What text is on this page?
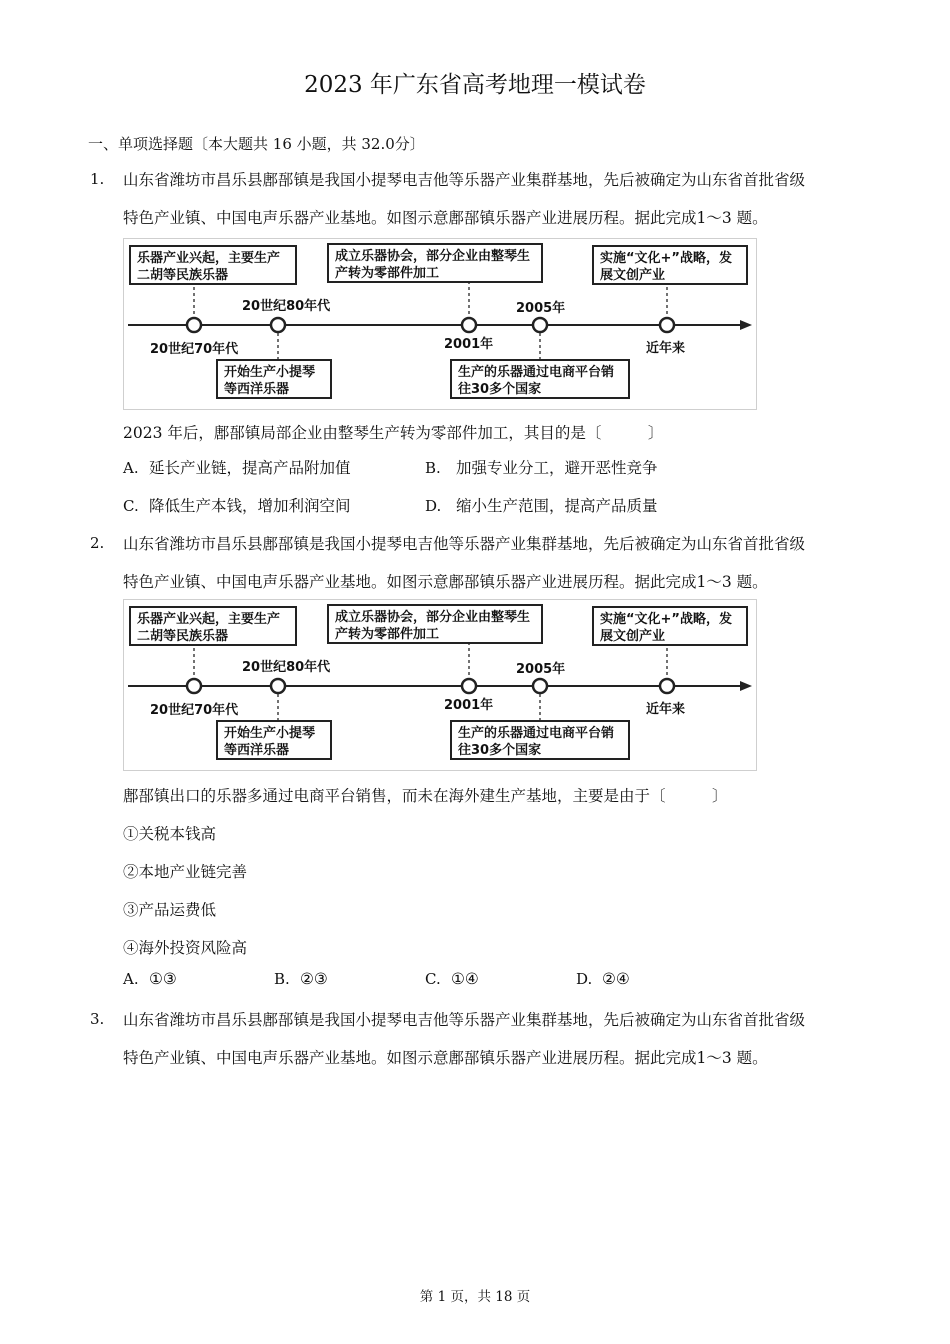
2023 年广东省高考地理一模试卷
一、单项选择题〔本大题共 16 小题，共 32.0分〕
1. 山东省潍坊市昌乐县鄌郚镇是我国小提琴电吉他等乐器产业集群基地，先后被确定为山东省首批省级
特色产业镇、中国电声乐器产业基地。如图示意鄌郚镇乐器产业进展历程。据此完成1～3 题。
乐器产业兴起，主要生产二胡等民族乐器
成立乐器协会，部分企业由整琴生产转为零部件加工
实施“文化+”战略，发展文创产业
开始生产小提琴等西洋乐器
生产的乐器通过电商平台销往30多个国家
20世纪80年代	2005年
20世纪70年代	2001年	近年来
2023 年后，鄌郚镇局部企业由整琴生产转为零部件加工，其目的是〔　　　〕
A. 延长产业链，提高产品附加值	B. 加强专业分工，避开恶性竞争
C. 降低生产本钱，增加利润空间	D. 缩小生产范围，提高产品质量
2. 山东省潍坊市昌乐县鄌郚镇是我国小提琴电吉他等乐器产业集群基地，先后被确定为山东省首批省级
特色产业镇、中国电声乐器产业基地。如图示意鄌郚镇乐器产业进展历程。据此完成1～3 题。
乐器产业兴起，主要生产二胡等民族乐器
成立乐器协会，部分企业由整琴生产转为零部件加工
实施“文化+”战略，发展文创产业
开始生产小提琴等西洋乐器
生产的乐器通过电商平台销往30多个国家
20世纪80年代	2005年
20世纪70年代	2001年	近年来
鄌郚镇出口的乐器多通过电商平台销售，而未在海外建生产基地，主要是由于〔　　　〕
①关税本钱高
②本地产业链完善
③产品运费低
④海外投资风险高
A. ①③	B. ②③	C. ①④	D. ②④
3. 山东省潍坊市昌乐县鄌郚镇是我国小提琴电吉他等乐器产业集群基地，先后被确定为山东省首批省级
特色产业镇、中国电声乐器产业基地。如图示意鄌郚镇乐器产业进展历程。据此完成1～3 题。
第 1 页，共 18 页
